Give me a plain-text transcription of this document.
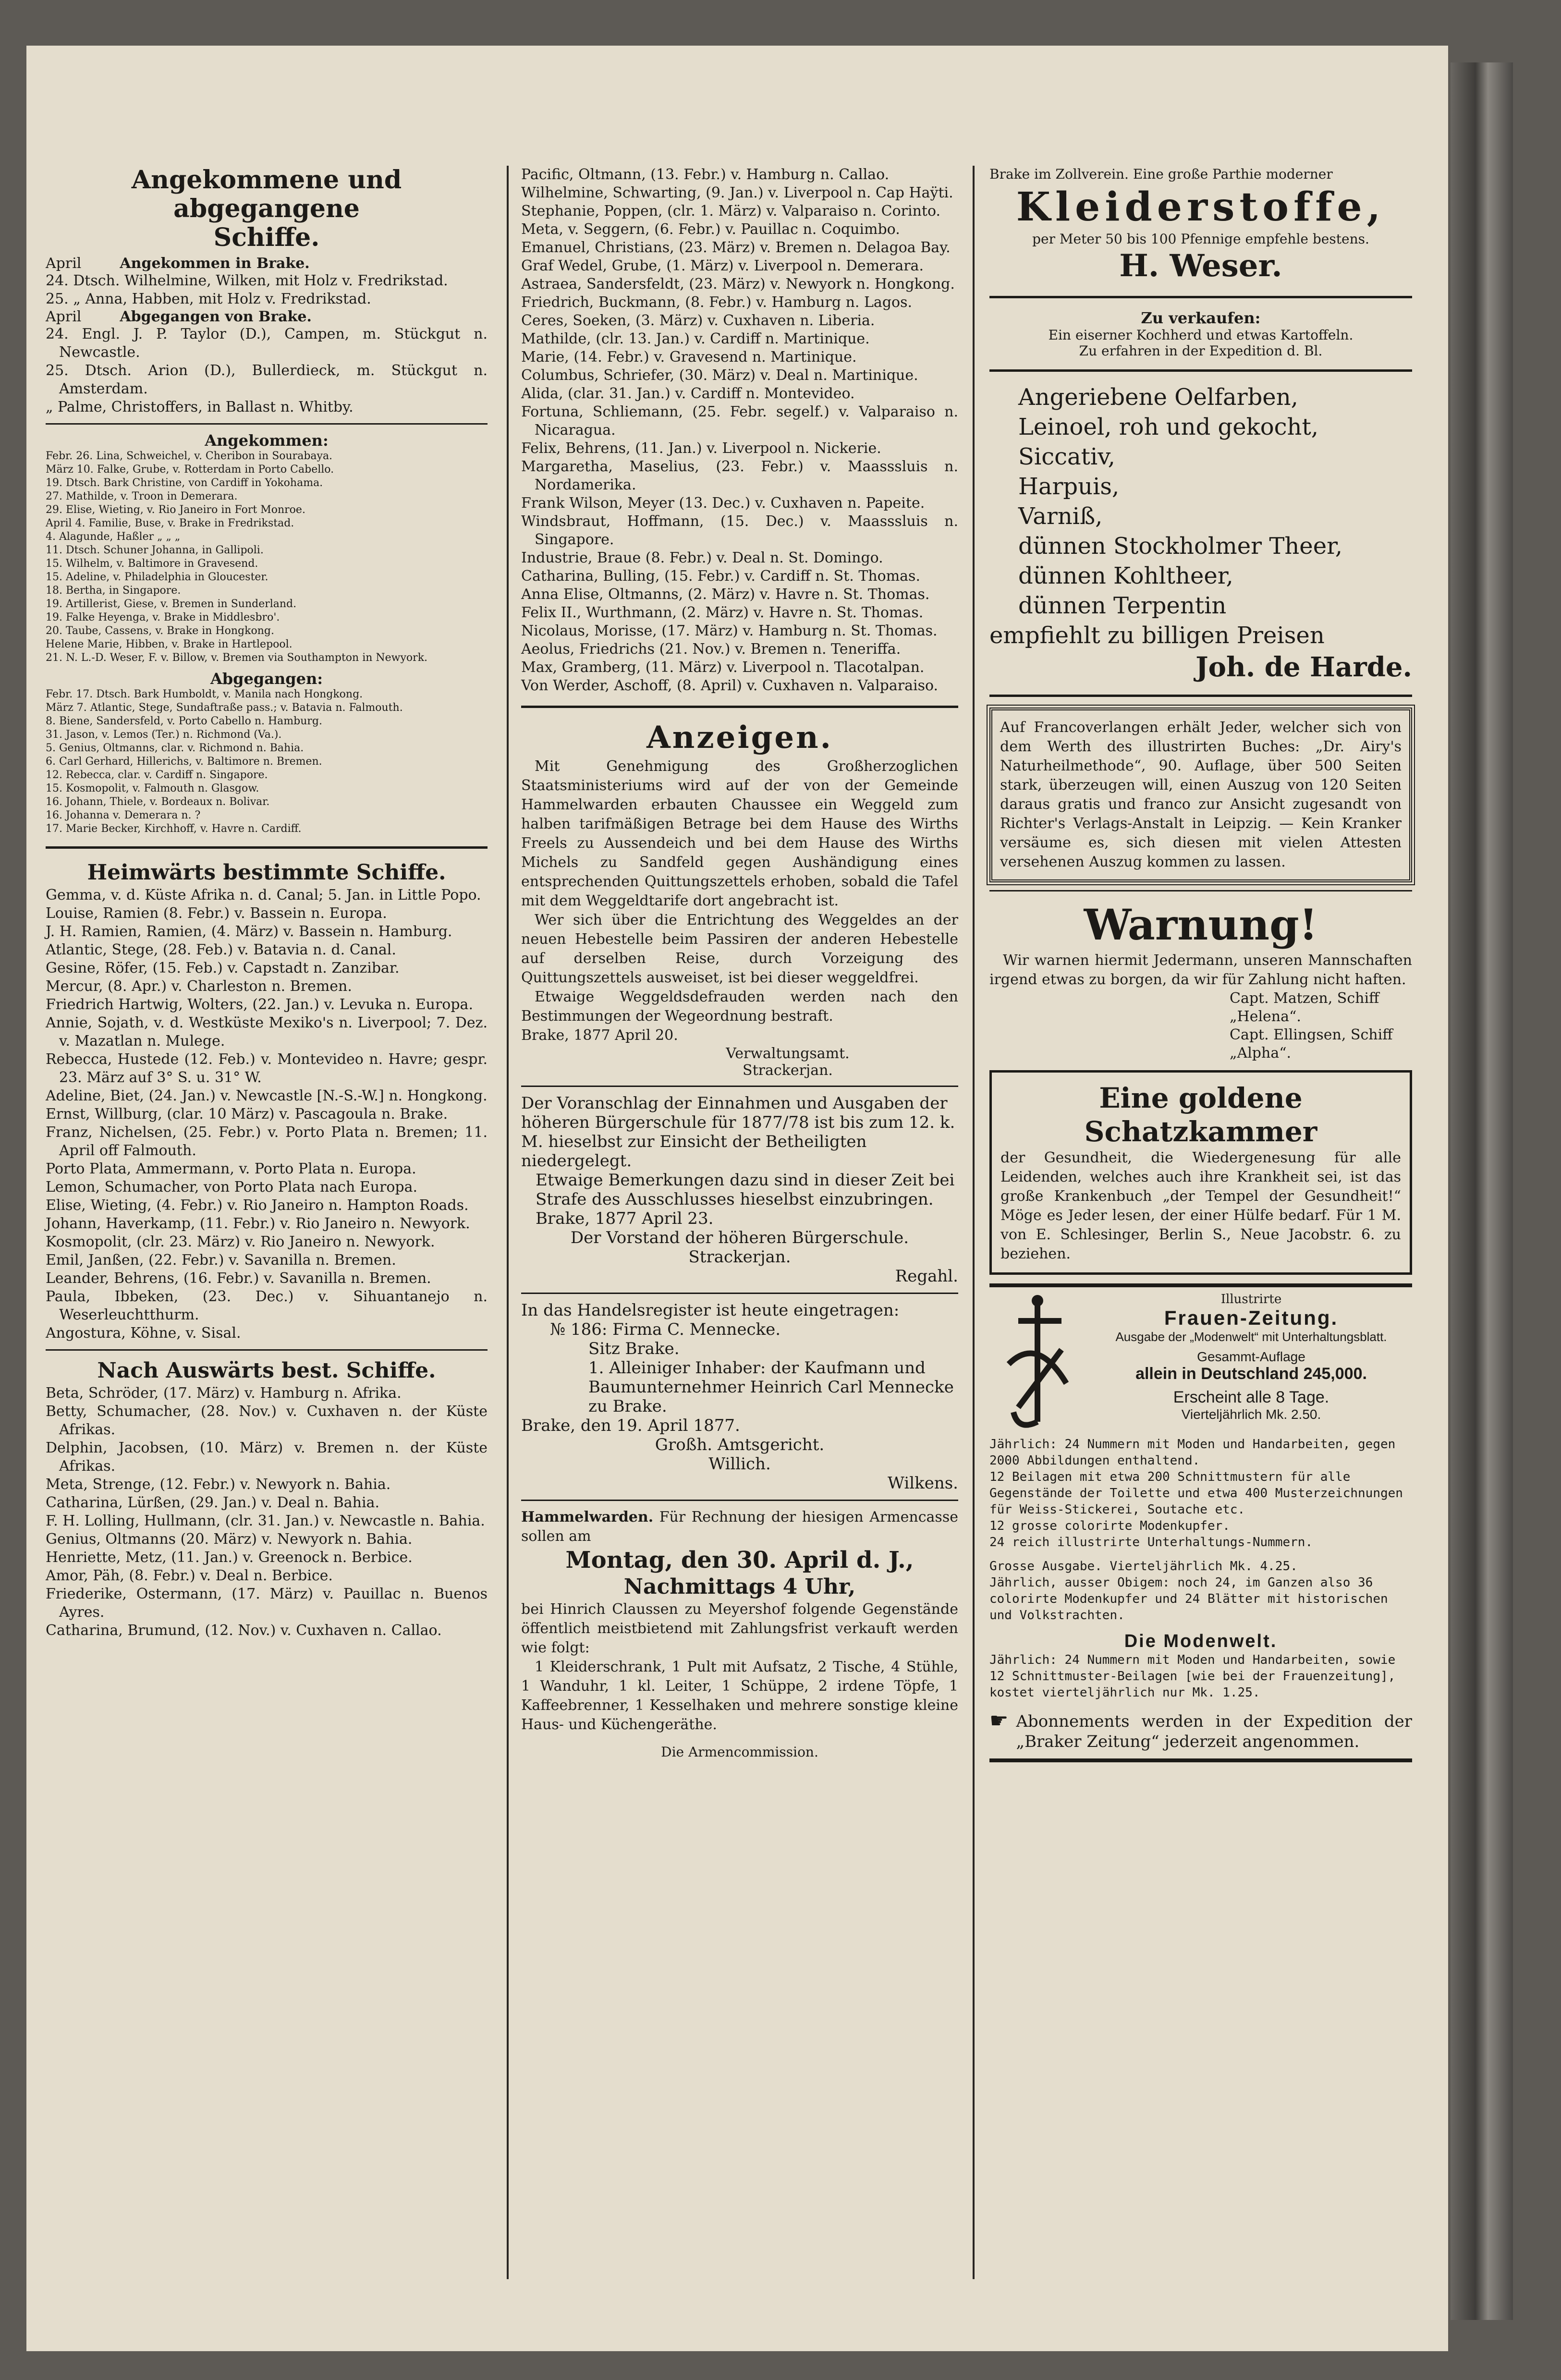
Angekommene und abgegangene
Schiffe.
April	Angekommen in Brake.

24. Dtsch. Wilhelmine, Wilken, mit Holz v. Fredrikstad.

25. „ Anna, Habben, mit Holz v. Fredrikstad.

April	Abgegangen von Brake.

24. Engl. J. P. Taylor (D.), Campen, m. Stückgut n. Newcastle.

25. Dtsch. Arion (D.), Bullerdieck, m. Stückgut n. Amsterdam.

„ Palme, Christoffers, in Ballast n. Whitby.

Angekommen:

Febr. 26. Lina, Schweichel, v. Cheribon in Sourabaya.

März 10. Falke, Grube, v. Rotterdam in Porto Cabello.

19. Dtsch. Bark Christine, von Cardiff in Yokohama.

27. Mathilde, v. Troon in Demerara.

29. Elise, Wieting, v. Rio Janeiro in Fort Monroe.

April 4. Familie, Buse, v. Brake in Fredrikstad.

4. Alagunde, Haßler „ „ „

11. Dtsch. Schuner Johanna, in Gallipoli.

15. Wilhelm, v. Baltimore in Gravesend.

15. Adeline, v. Philadelphia in Gloucester.

18. Bertha, in Singapore.

19. Artillerist, Giese, v. Bremen in Sunderland.

19. Falke Heyenga, v. Brake in Middlesbro'.

20. Taube, Cassens, v. Brake in Hongkong.

Helene Marie, Hibben, v. Brake in Hartlepool.

21. N. L.-D. Weser, F. v. Billow, v. Bremen via Southampton in Newyork.

Abgegangen:

Febr. 17. Dtsch. Bark Humboldt, v. Manila nach Hongkong.

März 7. Atlantic, Stege, Sundaftraße pass.; v. Batavia n. Falmouth.

8. Biene, Sandersfeld, v. Porto Cabello n. Hamburg.

31. Jason, v. Lemos (Ter.) n. Richmond (Va.).

5. Genius, Oltmanns, clar. v. Richmond n. Bahia.

6. Carl Gerhard, Hillerichs, v. Baltimore n. Bremen.

12. Rebecca, clar. v. Cardiff n. Singapore.

15. Kosmopolit, v. Falmouth n. Glasgow.

16. Johann, Thiele, v. Bordeaux n. Bolivar.

16. Johanna v. Demerara n. ?

17. Marie Becker, Kirchhoff, v. Havre n. Cardiff.

Heimwärts bestimmte Schiffe.

Gemma, v. d. Küste Afrika n. d. Canal; 5. Jan. in Little Popo.

Louise, Ramien (8. Febr.) v. Bassein n. Europa.

J. H. Ramien, Ramien, (4. März) v. Bassein n. Hamburg.

Atlantic, Stege, (28. Feb.) v. Batavia n. d. Canal.

Gesine, Röfer, (15. Feb.) v. Capstadt n. Zanzibar.

Mercur, (8. Apr.) v. Charleston n. Bremen.

Friedrich Hartwig, Wolters, (22. Jan.) v. Levuka n. Europa.

Annie, Sojath, v. d. Westküste Mexiko's n. Liverpool; 7. Dez. v. Mazatlan n. Mulege.

Rebecca, Hustede (12. Feb.) v. Montevideo n. Havre; gespr. 23. März auf 3° S. u. 31° W.

Adeline, Biet, (24. Jan.) v. Newcastle [N.-S.-W.] n. Hongkong.

Ernst, Willburg, (clar. 10 März) v. Pascagoula n. Brake.

Franz, Nichelsen, (25. Febr.) v. Porto Plata n. Bremen; 11. April off Falmouth.

Porto Plata, Ammermann, v. Porto Plata n. Europa.

Lemon, Schumacher, von Porto Plata nach Europa.

Elise, Wieting, (4. Febr.) v. Rio Janeiro n. Hampton Roads.

Johann, Haverkamp, (11. Febr.) v. Rio Janeiro n. Newyork.

Kosmopolit, (clr. 23. März) v. Rio Janeiro n. Newyork.

Emil, Janßen, (22. Febr.) v. Savanilla n. Bremen.

Leander, Behrens, (16. Febr.) v. Savanilla n. Bremen.

Paula, Ibbeken, (23. Dec.) v. Sihuantanejo n. Weserleuchtthurm.

Angostura, Köhne, v. Sisal.

Nach Auswärts best. Schiffe.

Beta, Schröder, (17. März) v. Hamburg n. Afrika.

Betty, Schumacher, (28. Nov.) v. Cuxhaven n. der Küste Afrikas.

Delphin, Jacobsen, (10. März) v. Bremen n. der Küste Afrikas.

Meta, Strenge, (12. Febr.) v. Newyork n. Bahia.

Catharina, Lürßen, (29. Jan.) v. Deal n. Bahia.

F. H. Lolling, Hullmann, (clr. 31. Jan.) v. Newcastle n. Bahia.

Genius, Oltmanns (20. März) v. Newyork n. Bahia.

Henriette, Metz, (11. Jan.) v. Greenock n. Berbice.

Amor, Päh, (8. Febr.) v. Deal n. Berbice.

Friederike, Ostermann, (17. März) v. Pauillac n. Buenos Ayres.

Catharina, Brumund, (12. Nov.) v. Cuxhaven n. Callao.

Pacific, Oltmann, (13. Febr.) v. Hamburg n. Callao.

Wilhelmine, Schwarting, (9. Jan.) v. Liverpool n. Cap Haÿti.

Stephanie, Poppen, (clr. 1. März) v. Valparaiso n. Corinto.

Meta, v. Seggern, (6. Febr.) v. Pauillac n. Coquimbo.

Emanuel, Christians, (23. März) v. Bremen n. Delagoa Bay.

Graf Wedel, Grube, (1. März) v. Liverpool n. Demerara.

Astraea, Sandersfeldt, (23. März) v. Newyork n. Hongkong.

Friedrich, Buckmann, (8. Febr.) v. Hamburg n. Lagos.

Ceres, Soeken, (3. März) v. Cuxhaven n. Liberia.

Mathilde, (clr. 13. Jan.) v. Cardiff n. Martinique.

Marie, (14. Febr.) v. Gravesend n. Martinique.

Columbus, Schriefer, (30. März) v. Deal n. Martinique.

Alida, (clar. 31. Jan.) v. Cardiff n. Montevideo.

Fortuna, Schliemann, (25. Febr. segelf.) v. Valparaiso n. Nicaragua.

Felix, Behrens, (11. Jan.) v. Liverpool n. Nickerie.

Margaretha, Maselius, (23. Febr.) v. Maasssluis n. Nordamerika.

Frank Wilson, Meyer (13. Dec.) v. Cuxhaven n. Papeite.

Windsbraut, Hoffmann, (15. Dec.) v. Maasssluis n. Singapore.

Industrie, Braue (8. Febr.) v. Deal n. St. Domingo.

Catharina, Bulling, (15. Febr.) v. Cardiff n. St. Thomas.

Anna Elise, Oltmanns, (2. März) v. Havre n. St. Thomas.

Felix II., Wurthmann, (2. März) v. Havre n. St. Thomas.

Nicolaus, Morisse, (17. März) v. Hamburg n. St. Thomas.

Aeolus, Friedrichs (21. Nov.) v. Bremen n. Teneriffa.

Max, Gramberg, (11. März) v. Liverpool n. Tlacotalpan.

Von Werder, Aschoff, (8. April) v. Cuxhaven n. Valparaiso.

Anzeigen.

Mit Genehmigung des Großherzoglichen Staatsministeriums wird auf der von der Gemeinde Hammelwarden erbauten Chaussee ein Weggeld zum halben tarifmäßigen Betrage bei dem Hause des Wirths Freels zu Aussendeich und bei dem Hause des Wirths Michels zu Sandfeld gegen Aushändigung eines entsprechenden Quittungszettels erhoben, sobald die Tafel mit dem Weggeldtarife dort angebracht ist.

Wer sich über die Entrichtung des Weggeldes an der neuen Hebestelle beim Passiren der anderen Hebestelle auf derselben Reise, durch Vorzeigung des Quittungszettels ausweiset, ist bei dieser weggeldfrei.

Etwaige Weggeldsdefrauden werden nach den Bestimmungen der Wegeordnung bestraft.

Brake, 1877 April 20.

Verwaltungsamt.
Strackerjan.
Der Voranschlag der Einnahmen und Ausgaben der höheren Bürgerschule für 1877/78 ist bis zum 12. k. M. hieselbst zur Einsicht der Betheiligten niedergelegt.
Etwaige Bemerkungen dazu sind in dieser Zeit bei Strafe des Ausschlusses hieselbst einzubringen.
Brake, 1877 April 23.
Der Vorstand der höheren Bürgerschule.
Strackerjan.
Regahl.
In das Handelsregister ist heute eingetragen:
№ 186: Firma C. Mennecke.
Sitz Brake.
1. Alleiniger Inhaber: der Kaufmann und Baumunternehmer Heinrich Carl Mennecke zu Brake.
Brake, den 19. April 1877.
Großh. Amtsgericht.
Willich.
Wilkens.

Hammelwarden. Für Rechnung der hiesigen Armencasse sollen am

Montag, den 30. April d. J.,
Nachmittags 4 Uhr,

bei Hinrich Claussen zu Meyershof folgende Gegenstände öffentlich meistbietend mit Zahlungsfrist verkauft werden wie folgt:

1 Kleiderschrank, 1 Pult mit Aufsatz, 2 Tische, 4 Stühle, 1 Wanduhr, 1 kl. Leiter, 1 Schüppe, 2 irdene Töpfe, 1 Kaffeebrenner, 1 Kesselhaken und mehrere sonstige kleine Haus- und Küchengeräthe.

Die Armencommission.
Brake im Zollverein. Eine große Parthie moderner
Kleiderstoffe,
per Meter 50 bis 100 Pfennige empfehle bestens.
H. Weser.
Zu verkaufen:
Ein eiserner Kochherd und etwas Kartoffeln.
Zu erfahren in der Expedition d. Bl.
Angeriebene Oelfarben,
Leinoel, roh und gekocht,
Siccativ,
Harpuis,
Varniß,
dünnen Stockholmer Theer,
dünnen Kohltheer,
dünnen Terpentin
empfiehlt zu billigen Preisen
Joh. de Harde.

Auf Francoverlangen erhält Jeder, welcher sich von dem Werth des illustrirten Buches: „Dr. Airy's Naturheilmethode“, 90. Auflage, über 500 Seiten stark, überzeugen will, einen Auszug von 120 Seiten daraus gratis und franco zur Ansicht zugesandt von Richter's Verlags-Anstalt in Leipzig. — Kein Kranker versäume es, sich diesen mit vielen Attesten versehenen Auszug kommen zu lassen.

Warnung!

Wir warnen hiermit Jedermann, unseren Mannschaften irgend etwas zu borgen, da wir für Zahlung nicht haften.

Capt. Matzen, Schiff „Helena“.
Capt. Ellingsen, Schiff „Alpha“.
Eine goldene Schatzkammer

der Gesundheit, die Wiedergenesung für alle Leidenden, welches auch ihre Krankheit sei, ist das große Krankenbuch „der Tempel der Gesundheit!“ Möge es Jeder lesen, der einer Hülfe bedarf. Für 1 M. von E. Schlesinger, Berlin S., Neue Jacobstr. 6. zu beziehen.

Illustrirte
Frauen-Zeitung.
Ausgabe der „Modenwelt“ mit Unterhaltungsblatt.
Gesammt-Auflage
allein in Deutschland 245,000.
Erscheint alle 8 Tage.
Vierteljährlich Mk. 2.50.
Jährlich: 24 Nummern mit Moden und Handarbeiten, gegen 2000 Abbildungen enthaltend.
12 Beilagen mit etwa 200 Schnittmustern für alle Gegenstände der Toilette und etwa 400 Musterzeichnungen für Weiss-Stickerei, Soutache etc.
12 grosse colorirte Modenkupfer.
24 reich illustrirte Unterhaltungs-Nummern.
Grosse Ausgabe. Vierteljährlich Mk. 4.25.
Jährlich, ausser Obigem: noch 24, im Ganzen also 36 colorirte Modenkupfer und 24 Blätter mit historischen und Volkstrachten.
Die Modenwelt.
Jährlich: 24 Nummern mit Moden und Handarbeiten, sowie 12 Schnittmuster-Beilagen [wie bei der Frauenzeitung],
kostet vierteljährlich nur Mk. 1.25.
☛ Abonnements werden in der Expedition der „Braker Zeitung“ jederzeit angenommen.
